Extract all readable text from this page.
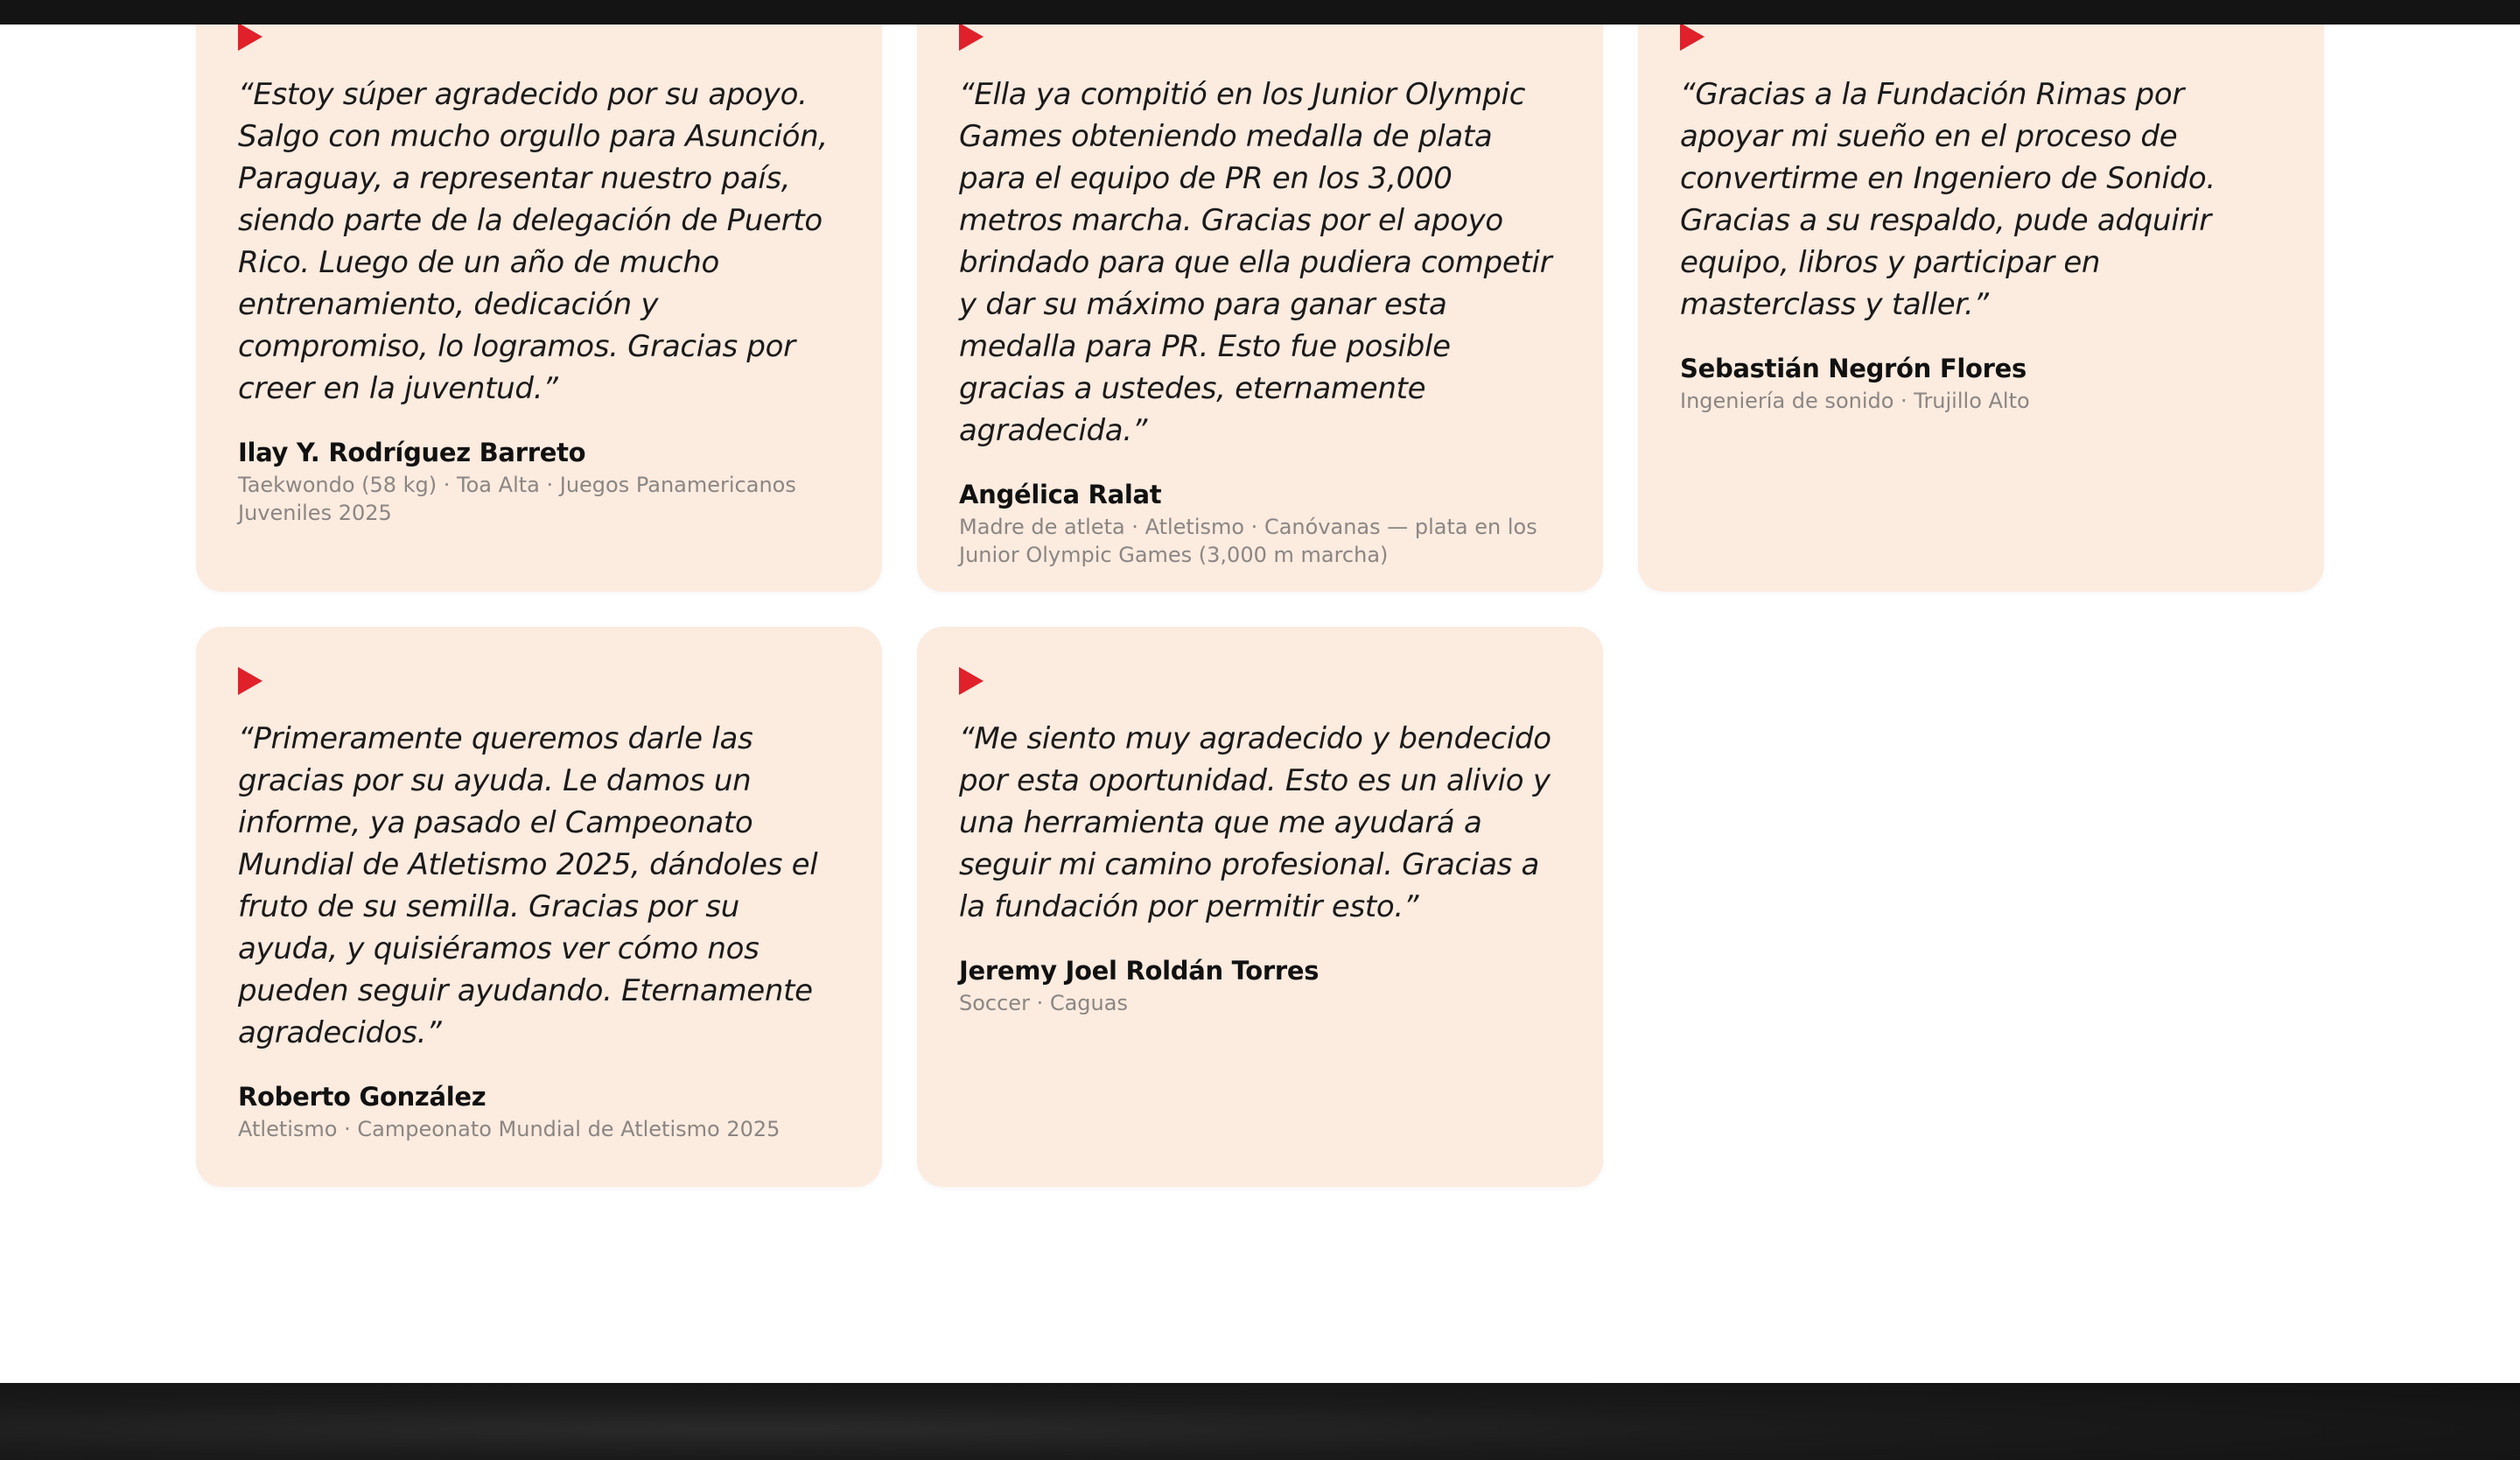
“Estoy súper agradecido por su apoyo. Salgo con mucho orgullo para Asunción, Paraguay, a representar nuestro país, siendo parte de la delegación de Puerto Rico. Luego de un año de mucho entrenamiento, dedicación y compromiso, lo logramos. Gracias por creer en la juventud.”

Ilay Y. Rodríguez Barreto
Taekwondo (58 kg) · Toa Alta · Juegos Panamericanos Juveniles 2025

“Ella ya compitió en los Junior Olympic Games obteniendo medalla de plata para el equipo de PR en los 3,000 metros marcha. Gracias por el apoyo brindado para que ella pudiera competir y dar su máximo para ganar esta medalla para PR. Esto fue posible gracias a ustedes, eternamente agradecida.”

Angélica Ralat
Madre de atleta · Atletismo · Canóvanas — plata en los Junior Olympic Games (3,000 m marcha)

“Gracias a la Fundación Rimas por apoyar mi sueño en el proceso de convertirme en Ingeniero de Sonido. Gracias a su respaldo, pude adquirir equipo, libros y participar en masterclass y taller.”

Sebastián Negrón Flores
Ingeniería de sonido · Trujillo Alto

“Primeramente queremos darle las gracias por su ayuda. Le damos un informe, ya pasado el Campeonato Mundial de Atletismo 2025, dándoles el fruto de su semilla. Gracias por su ayuda, y quisiéramos ver cómo nos pueden seguir ayudando. Eternamente agradecidos.”

Roberto González
Atletismo · Campeonato Mundial de Atletismo 2025

“Me siento muy agradecido y bendecido por esta oportunidad. Esto es un alivio y una herramienta que me ayudará a seguir mi camino profesional. Gracias a la fundación por permitir esto.”

Jeremy Joel Roldán Torres
Soccer · Caguas
